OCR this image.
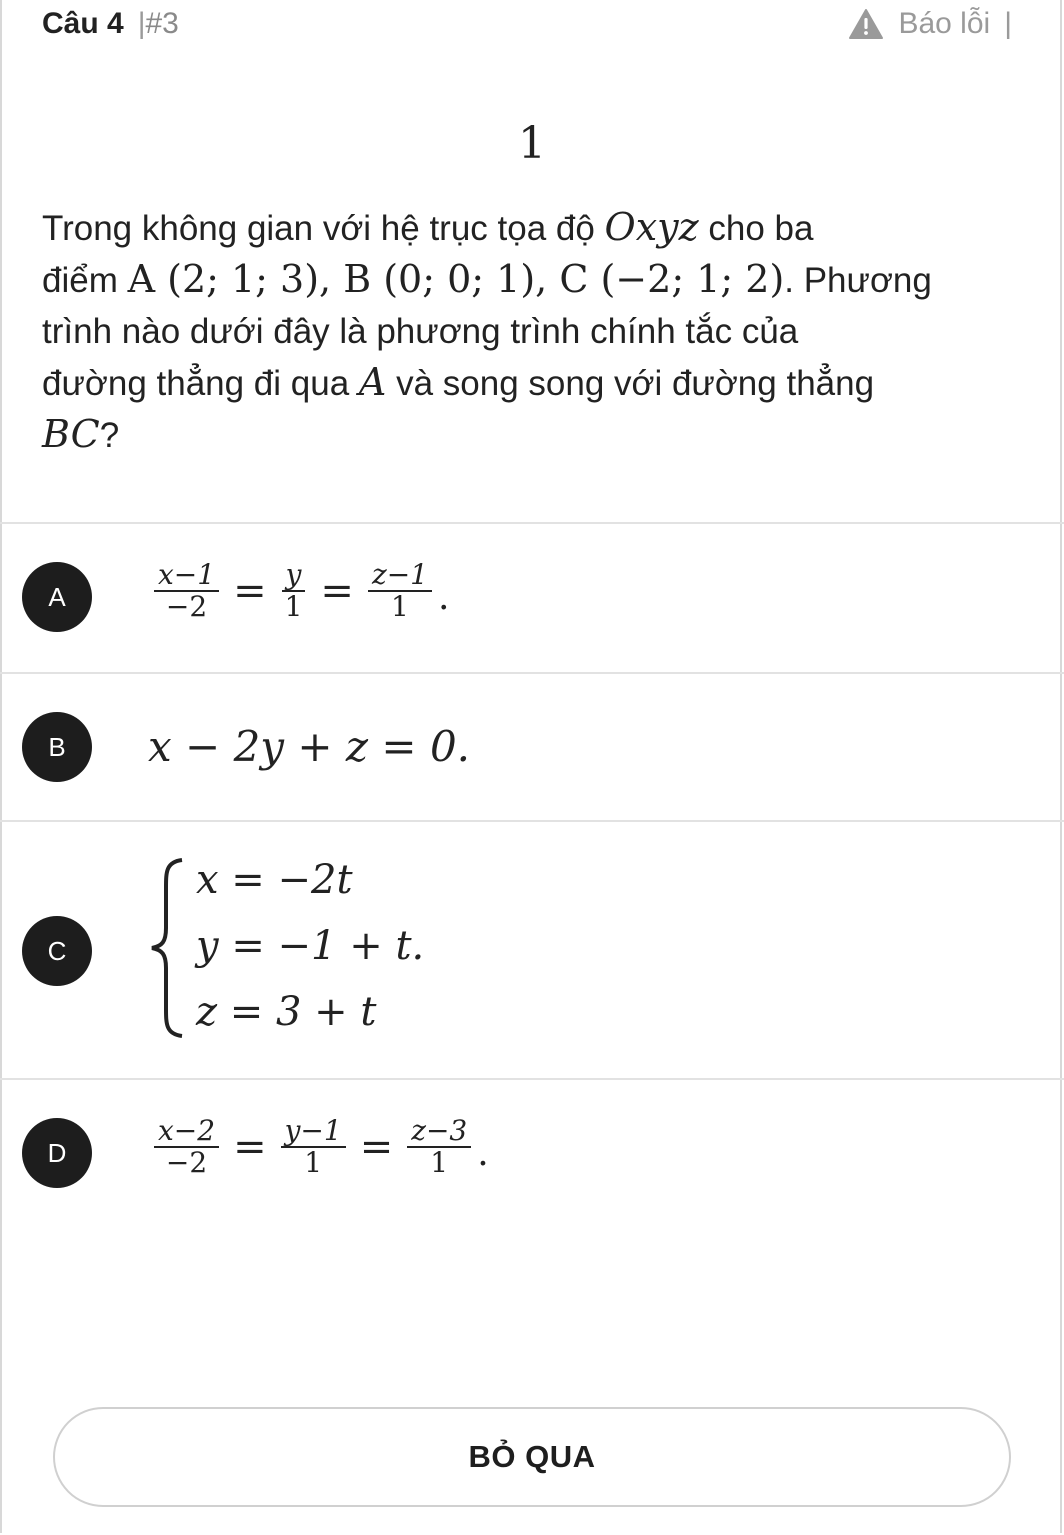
Câu 4 |#3	Báo lỗi |
1
Trong không gian với hệ trục tọa độ Oxyz cho ba
điểm A (2; 1; 3), B (0; 0; 1), C (−2; 1; 2). Phương
trình nào dưới đây là phương trình chính tắc của
đường thẳng đi qua A và song song với đường thẳng
BC?
A	$\frac{x-1}{-2} = \frac{y}{1} = \frac{z-1}{1}$ .
B	x − 2y + z = 0.
C
x = −2t
y = −1 + t.
z = 3 + t
D	$\frac{x-2}{-2} = \frac{y-1}{1} = \frac{z-3}{1}$ .
BỎ QUA
